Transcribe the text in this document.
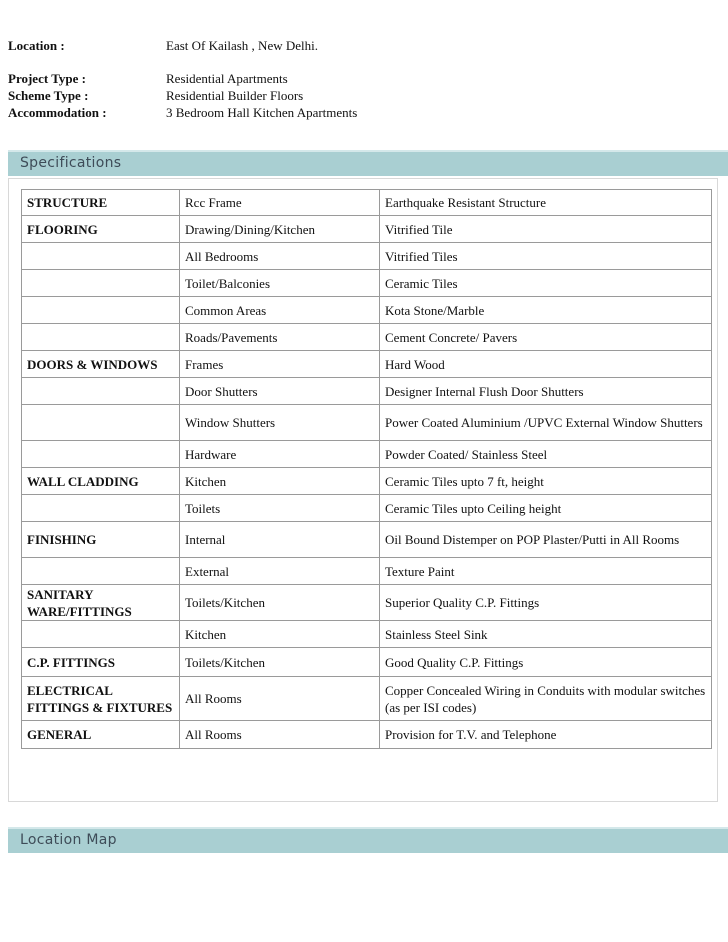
Location :	East Of Kailash , New Delhi.
Project Type :	Residential Apartments
Scheme Type :	Residential Builder Floors
Accommodation :	3 Bedroom Hall Kitchen Apartments
Specifications
STRUCTURE	Rcc Frame	Earthquake Resistant Structure
FLOORING	Drawing/Dining/Kitchen	Vitrified Tile
	All Bedrooms	Vitrified Tiles
	Toilet/Balconies	Ceramic Tiles
	Common Areas	Kota Stone/Marble
	Roads/Pavements	Cement Concrete/ Pavers
DOORS & WINDOWS	Frames	Hard Wood
	Door Shutters	Designer Internal Flush Door Shutters
	Window Shutters	Power Coated Aluminium /UPVC External Window Shutters
	Hardware	Powder Coated/ Stainless Steel
WALL CLADDING	Kitchen	Ceramic Tiles upto 7 ft, height
	Toilets	Ceramic Tiles upto Ceiling height
FINISHING	Internal	Oil Bound Distemper on POP Plaster/Putti in All Rooms
	External	Texture Paint
SANITARY WARE/FITTINGS	Toilets/Kitchen	Superior Quality C.P. Fittings
	Kitchen	Stainless Steel Sink
C.P. FITTINGS	Toilets/Kitchen	Good Quality C.P. Fittings
ELECTRICAL FITTINGS & FIXTURES	All Rooms	Copper Concealed Wiring in Conduits with modular switches (as per ISI codes)
GENERAL	All Rooms	Provision for T.V. and Telephone
Location Map
